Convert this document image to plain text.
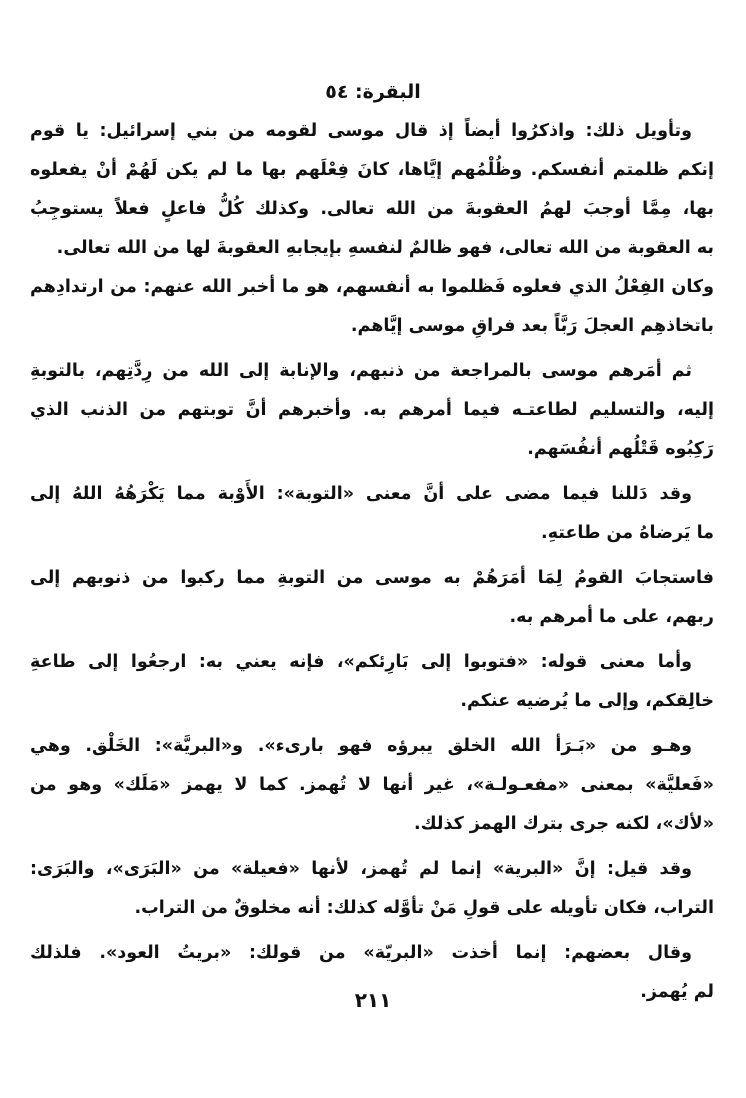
البقرة: ٥٤

وتأويل ذلك: واذكرُوا أيضاً إذ قال موسى لقومه من بني إسرائيل: يا قوم
إنكم ظلمتم أنفسكم. وظُلْمُهم إيَّاها، كانَ فِعْلَهم بها ما لم يكن لَهُمْ أنْ يفعلوه
بها، مِمَّا أوجبَ لهمُ العقوبةَ من الله تعالى. وكذلك كُلُّ فاعلٍ فعلاً يستوجِبُ
به العقوبة من الله تعالى، فهو ظالمٌ لنفسهِ بإيجابهِ العقوبةَ لها من الله تعالى.

وكان الفِعْلُ الذي فعلوه فَظلموا به أنفسهم، هو ما أخبر الله عنهم: من ارتدادِهم
باتخاذهِم العجلَ رَبَّاً بعد فراقِ موسى إيَّاهم.

ثم أمَرهم موسى بالمراجعة من ذنبهم، والإنابة إلى الله من رِدَّتِهم، بالتوبةِ
إليه، والتسليم لطاعتـه فيما أمرهم به. وأخبرهم أنَّ توبتهم من الذنب الذي
رَكِبُوه قَتْلُهم أنفُسَهم.

وقد دَللنا فيما مضى على أنَّ معنى «التوبة»: الأَوْبة مما يَكْرَهُهُ اللهُ إلى
ما يَرضاهُ من طاعتهِ.

فاستجابَ القومُ لِمَا أمَرَهُمْ به موسى من التوبةِ مما ركبوا من ذنوبهم إلى
ربهم، على ما أمرهم به.

وأما معنى قوله: «فتوبوا إلى بَارِئكم»، فإنه يعني به: ارجعُوا إلى طاعةِ
خالِقكم، وإلى ما يُرضيه عنكم.

وهـو من «بَـرَأ الله الخلق يبرؤه فهو بارىء». و«البريَّة»: الخَلْق. وهي
«فَعليَّة» بمعنى «مفعـولـة»، غير أنها لا تُهمز. كما لا يهمز «مَلَك» وهو من
«لأك»، لكنه جرى بترك الهمز كذلك.

وقد قيل: إنَّ «البرية» إنما لم تُهمز، لأنها «فعيلة» من «البَرَى»، والبَرَى:
التراب، فكان تأويله على قولِ مَنْ تأوَّله كذلك: أنه مخلوقٌ من التراب.

وقال بعضهم: إنما أخذت «البريّة» من قولك: «بريتُ العود». فلذلك
لم يُهمز.

٢١١
